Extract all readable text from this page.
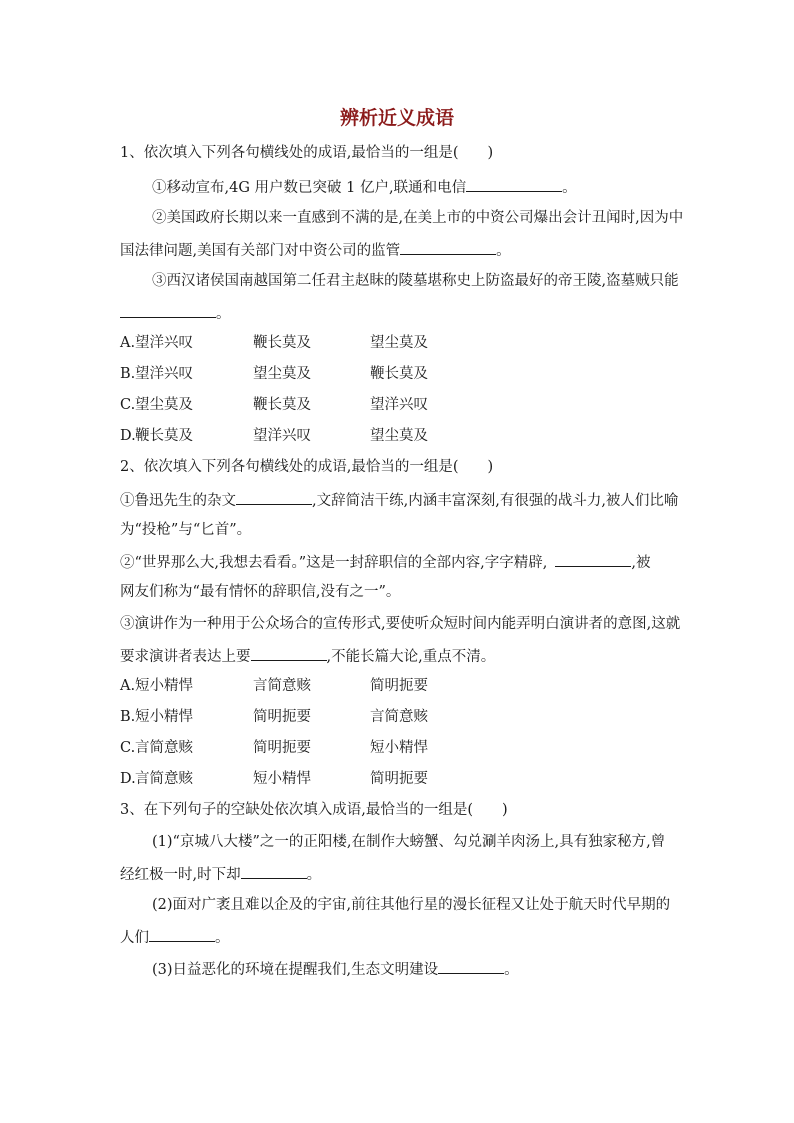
辨析近义成语
1、依次填入下列各句横线处的成语,最恰当的一组是(　　)
①移动宣布,4G 用户数已突破 1 亿户,联通和电信	。
②美国政府长期以来一直感到不满的是,在美上市的中资公司爆出会计丑闻时,因为中
国法律问题,美国有关部门对中资公司的监管	。
③西汉诸侯国南越国第二任君主赵眜的陵墓堪称史上防盗最好的帝王陵,盗墓贼只能
。
A. 望洋兴叹	鞭长莫及	望尘莫及
B. 望洋兴叹	望尘莫及	鞭长莫及
C. 望尘莫及	鞭长莫及	望洋兴叹
D. 鞭长莫及	望洋兴叹	望尘莫及
2、依次填入下列各句横线处的成语,最恰当的一组是(　　)
①鲁迅先生的杂文	,文辞简洁干练,内涵丰富深刻,有很强的战斗力,被人们比喻
为“投枪”与“匕首”。
②“世界那么大,我想去看看。”这是一封辞职信的全部内容,字字精辟,	,被
网友们称为“最有情怀的辞职信,没有之一”。
③演讲作为一种用于公众场合的宣传形式,要使听众短时间内能弄明白演讲者的意图,这就
要求演讲者表达上要	,不能长篇大论,重点不清。
A. 短小精悍	言简意赅	简明扼要
B. 短小精悍	简明扼要	言简意赅
C. 言简意赅	简明扼要	短小精悍
D. 言简意赅	短小精悍	简明扼要
3、在下列句子的空缺处依次填入成语,最恰当的一组是(　　)
(1)“京城八大楼”之一的正阳楼,在制作大螃蟹、勾兑涮羊肉汤上,具有独家秘方,曾
经红极一时,时下却	。
(2)面对广袤且难以企及的宇宙,前往其他行星的漫长征程又让处于航天时代早期的
人们	。
(3)日益恶化的环境在提醒我们,生态文明建设	。
